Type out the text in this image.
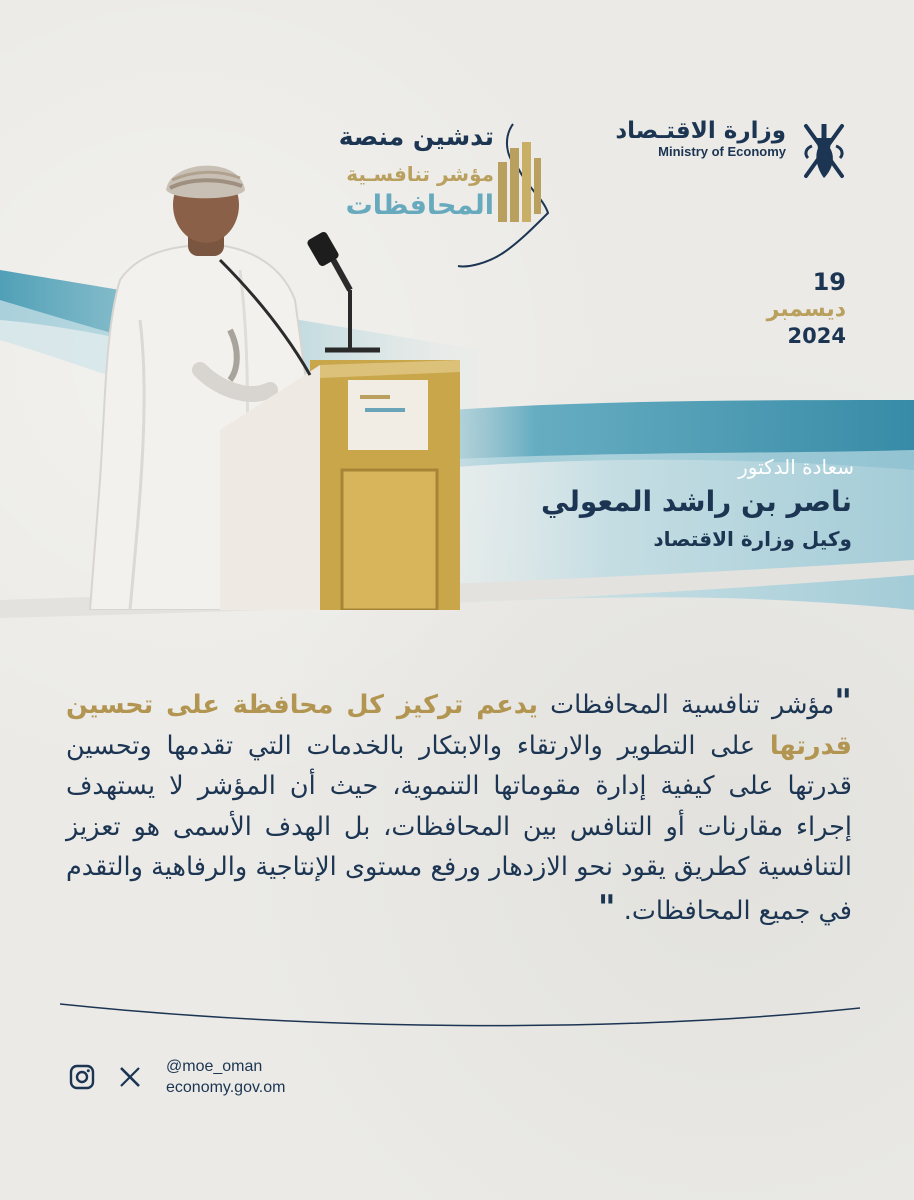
وزارة الاقتـصاد
Ministry of Economy
تدشين منصة
مؤشر تنافسـية
المحافظات
19
ديسمبر
2024
سعادة الدكتور
ناصر بن راشد المعولي
وكيل وزارة الاقتصاد

"مؤشر تنافسية المحافظات يدعم تركيز كل محافظة على تحسين قدرتها على التطوير والارتقاء والابتكار بالخدمات التي تقدمها وتحسين قدرتها على كيفية إدارة مقوماتها التنموية، حيث أن المؤشر لا يستهدف إجراء مقارنات أو التنافس بين المحافظات، بل الهدف الأسمى هو تعزيز التنافسية كطريق يقود نحو الازدهار ورفع مستوى الإنتاجية والرفاهية والتقدم في جميع المحافظات. "

@moe_oman
economy.gov.om
